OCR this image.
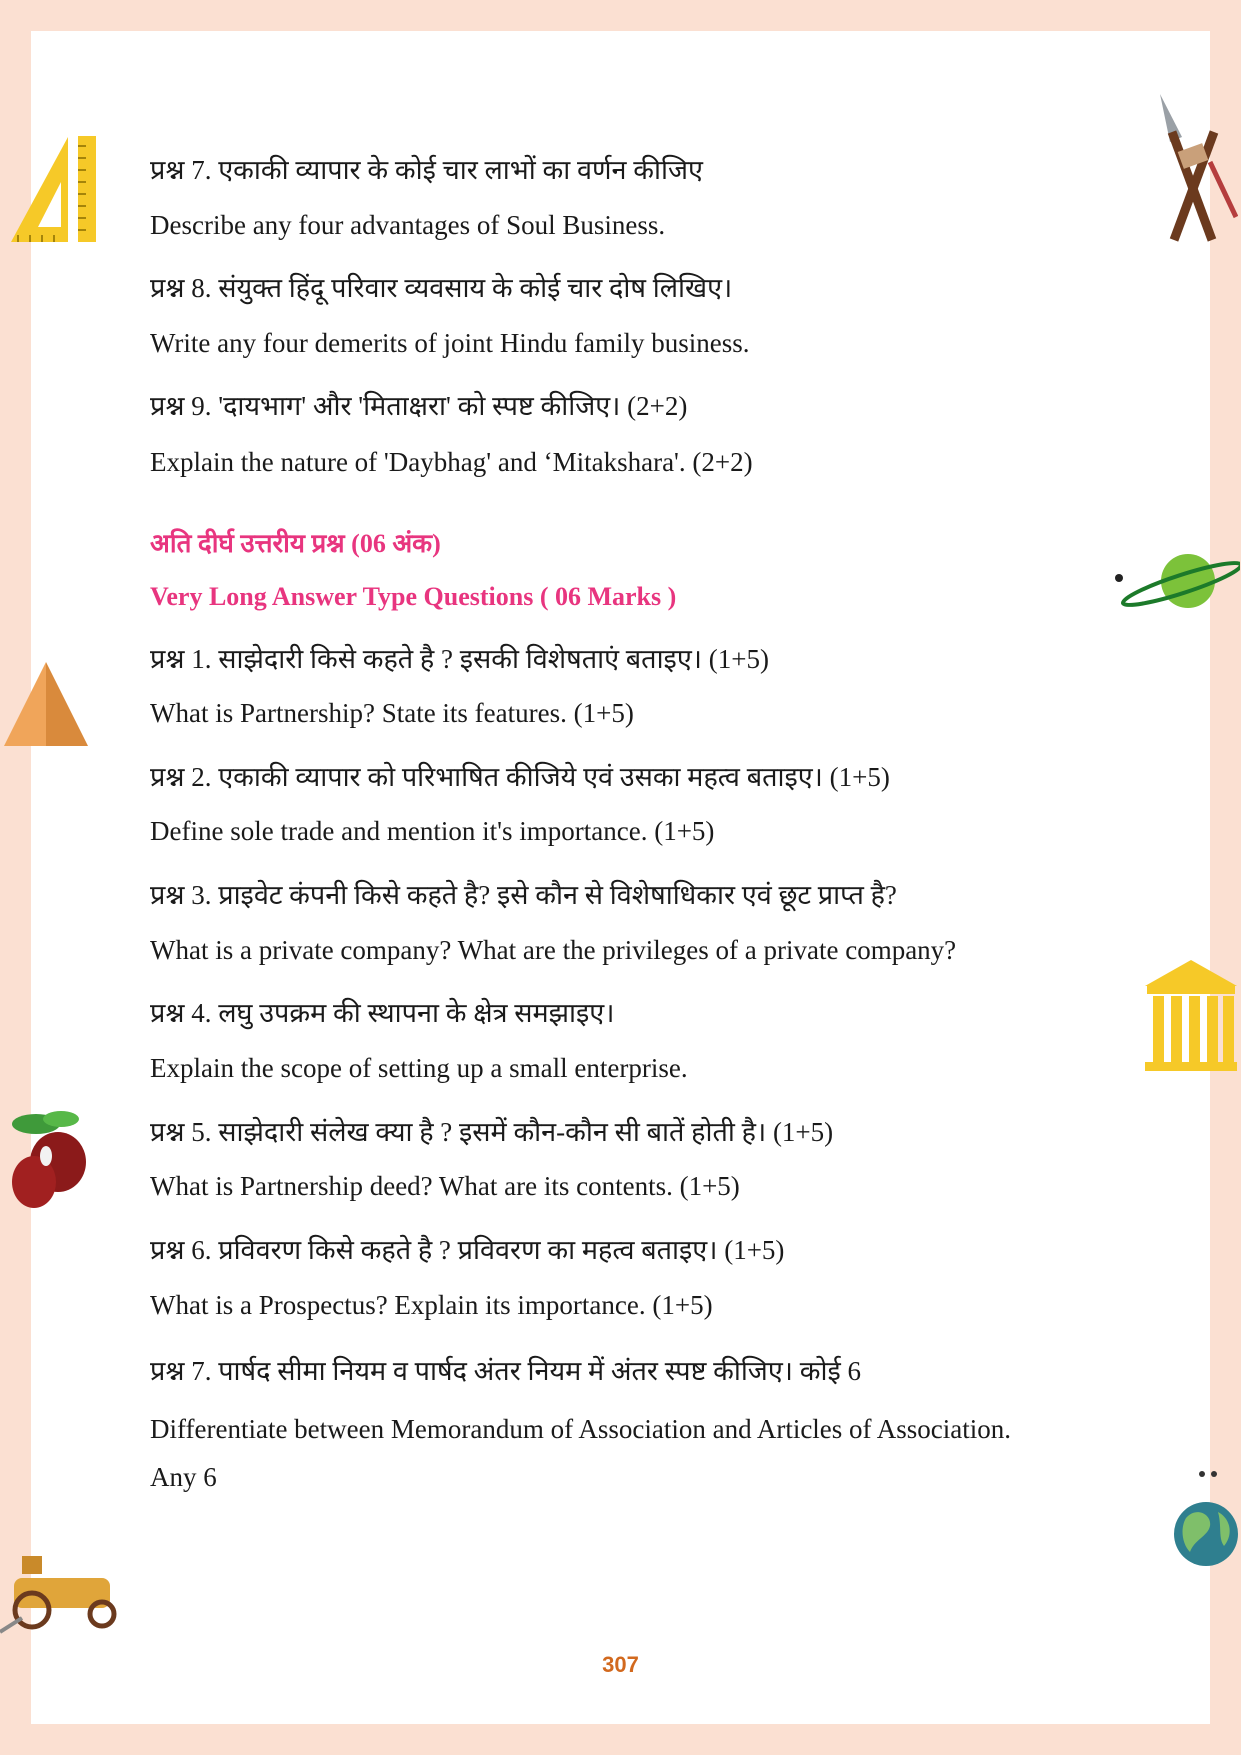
प्रश्न 7. एकाकी व्यापार के कोई चार लाभों का वर्णन कीजिए

Describe any four advantages of Soul Business.

प्रश्न 8. संयुक्त हिंदू परिवार व्यवसाय के कोई चार दोष लिखिए।

Write any four demerits of joint Hindu family business.

प्रश्न 9. 'दायभाग' और 'मिताक्षरा' को स्पष्ट कीजिए। (2+2)

Explain the nature of 'Daybhag' and ‘Mitakshara'. (2+2)

अति दीर्घ उत्तरीय प्रश्न (06 अंक)

Very Long Answer Type Questions ( 06 Marks )

प्रश्न 1. साझेदारी किसे कहते है ? इसकी विशेषताएं बताइए। (1+5)

What is Partnership? State its features. (1+5)

प्रश्न 2. एकाकी व्यापार को परिभाषित कीजिये एवं उसका महत्व बताइए। (1+5)

Define sole trade and mention it's importance. (1+5)

प्रश्न 3. प्राइवेट कंपनी किसे कहते है? इसे कौन से विशेषाधिकार एवं छूट प्राप्त है?

What is a private company? What are the privileges of a private company?

प्रश्न 4. लघु उपक्रम की स्थापना के क्षेत्र समझाइए।

Explain the scope of setting up a small enterprise.

प्रश्न 5. साझेदारी संलेख क्या है ? इसमें कौन-कौन सी बातें होती है। (1+5)

What is Partnership deed? What are its contents. (1+5)

प्रश्न 6. प्रविवरण किसे कहते है ? प्रविवरण का महत्व बताइए। (1+5)

What is a Prospectus? Explain its importance. (1+5)

प्रश्न 7. पार्षद सीमा नियम व पार्षद अंतर नियम में अंतर स्पष्ट कीजिए। कोई 6

Differentiate between Memorandum of Association and Articles of Association.

Any 6

307
